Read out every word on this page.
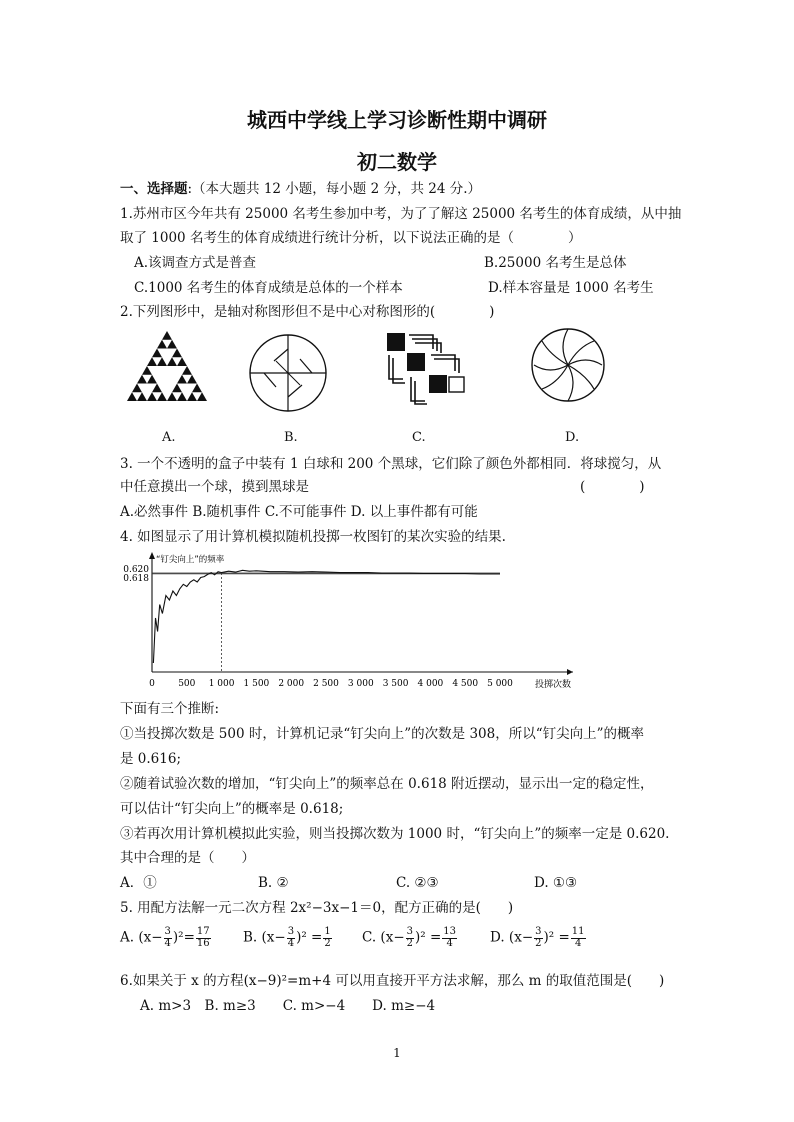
城西中学线上学习诊断性期中调研
初二数学
一、选择题:（本大题共 12 小题，每小题 2 分，共 24 分.）
1.苏州市区今年共有 25000 名考生参加中考，为了了解这 25000 名考生的体育成绩，从中抽
取了 1000 名考生的体育成绩进行统计分析，以下说法正确的是（　　　　）
A.该调查方式是普查	B.25000 名考生是总体
C.1000 名考生的体育成绩是总体的一个样本	D.样本容量是 1000 名考生
2.下列图形中，是轴对称图形但不是中心对称图形的(　　　　)
A.	B.	C.	D.
3. 一个不透明的盒子中装有 1 白球和 200 个黑球，它们除了颜色外都相同．将球搅匀，从
中任意摸出一个球，摸到黑球是	(　　　　)
A.必然事件 B.随机事件 C.不可能事件 D. 以上事件都有可能
4. 如图显示了用计算机模拟随机投掷一枚图钉的某次实验的结果.
0.620
0.618
“钉尖向上”的频率
0	500 1 000 1 500 2 000 2 500 3 000 3 500 4 000 4 500 5 000 投掷次数
下面有三个推断:
①当投掷次数是 500 时，计算机记录“钉尖向上”的次数是 308，所以“钉尖向上”的概率
是 0.616;
②随着试验次数的增加，“钉尖向上”的频率总在 0.618 附近摆动，显示出一定的稳定性，
可以估计“钉尖向上”的概率是 0.618;
③若再次用计算机模拟此实验，则当投掷次数为 1000 时，“钉尖向上”的频率一定是 0.620.
其中合理的是（　　）
A．①	B. ②	C. ②③	D. ①③
5. 用配方法解一元二次方程 2x²−3x−1＝0，配方正确的是(　　)
A. $(x- \frac{3}{4} )^2= \frac{17}{16} B$. $(x- \frac{3}{4} )^2 = \frac{1}{2} C$. $(x- \frac{3}{2} )^2 = \frac{13}{4} D$. $(x- \frac{3}{2} )^2 = \frac{11}{4}$
6.如果关于 x 的方程(x−9)²=m+4 可以用直接开平方法求解，那么 m 的取值范围是(　　)
A. m>3　B. m≥3　　C. m>−4　　D. m≥−4
1
